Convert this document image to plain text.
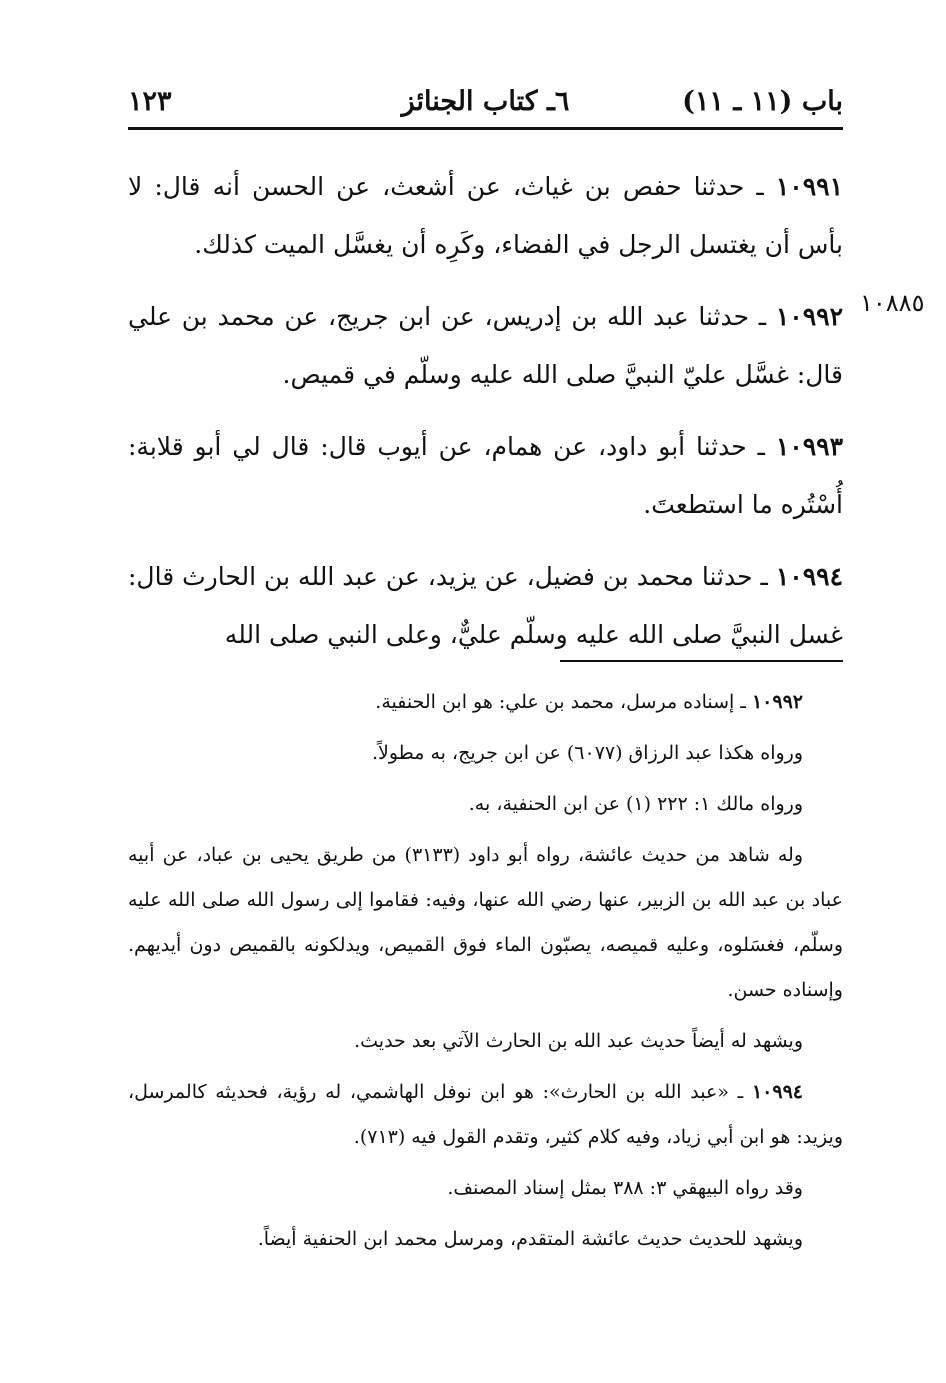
باب (١١ ـ ١١)
٦ـ كتاب الجنائز
١٢٣
١٠٨٨٥

١٠٩٩١ ـ حدثنا حفص بن غياث، عن أشعث، عن الحسن أنه قال: لا بأس أن يغتسل الرجل في الفضاء، وكَرِه أن يغسَّل الميت كذلك.

١٠٩٩٢ ـ حدثنا عبد الله بن إدريس، عن ابن جريج، عن محمد بن علي قال: غسَّل عليّ النبيَّ صلى الله عليه وسلّم في قميص.

١٠٩٩٣ ـ حدثنا أبو داود، عن همام، عن أيوب قال: قال لي أبو قلابة: أُسْتُره ما استطعتَ.

١٠٩٩٤ ـ حدثنا محمد بن فضيل، عن يزيد، عن عبد الله بن الحارث قال: غسل النبيَّ صلى الله عليه وسلّم عليٌّ، وعلى النبي صلى الله

١٠٩٩٢ ـ إسناده مرسل، محمد بن علي: هو ابن الحنفية.

ورواه هكذا عبد الرزاق (٦٠٧٧) عن ابن جريج، به مطولاً.

ورواه مالك ١: ٢٢٢ (١) عن ابن الحنفية، به.

وله شاهد من حديث عائشة، رواه أبو داود (٣١٣٣) من طريق يحيى بن عباد، عن أبيه عباد بن عبد الله بن الزبير، عنها رضي الله عنها، وفيه: فقاموا إلى رسول الله صلى الله عليه وسلّم، فغسَلوه، وعليه قميصه، يصبّون الماء فوق القميص، ويدلكونه بالقميص دون أيديهم. وإسناده حسن.

ويشهد له أيضاً حديث عبد الله بن الحارث الآتي بعد حديث.

١٠٩٩٤ ـ «عبد الله بن الحارث»: هو ابن نوفل الهاشمي، له رؤية، فحديثه كالمرسل، ويزيد: هو ابن أبي زياد، وفيه كلام كثير، وتقدم القول فيه (٧١٣).

وقد رواه البيهقي ٣: ٣٨٨ بمثل إسناد المصنف.

ويشهد للحديث حديث عائشة المتقدم، ومرسل محمد ابن الحنفية أيضاً.
